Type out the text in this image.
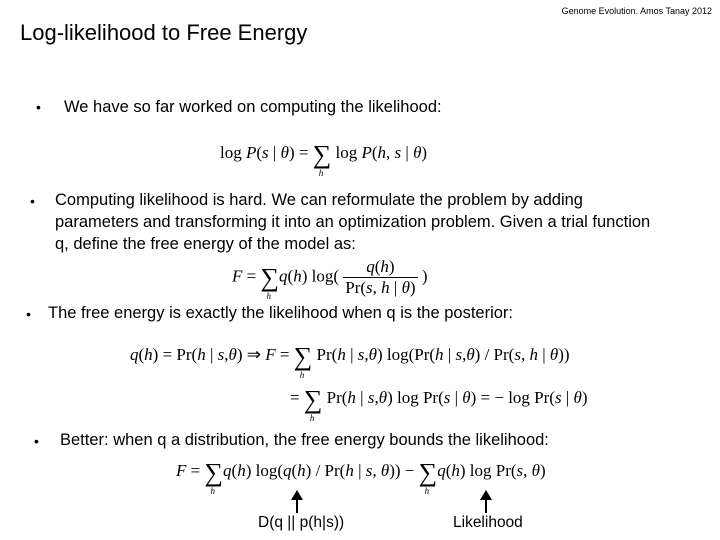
Genome Evolution. Amos Tanay 2012
Log-likelihood to Free Energy
• We have so far worked on computing the likelihood:
log P(s | θ) = ∑
h
log P(h, s | θ)
• Computing likelihood is hard. We can reformulate the problem by adding parameters and transforming it into an optimization problem. Given a trial function q, define the free energy of the model as:
F = ∑
h
q(h) $\log( \frac{q(h)}{Pr(s, h | \theta)}$ )
• The free energy is exactly the likelihood when q is the posterior:
q(h) = Pr(h | s,θ) ⇒ F = ∑
h
Pr(h | s,θ) log(Pr(h | s,θ) / Pr(s, h | θ))
= ∑
h
Pr(h | s,θ) log Pr(s | θ) = − log Pr(s | θ)
• Better: when q a distribution, the free energy bounds the likelihood:
F = ∑
h
q(h) log(q(h) / Pr(h | s, θ)) − ∑
h
q(h) log Pr(s, θ)
D(q || p(h|s))	Likelihood
